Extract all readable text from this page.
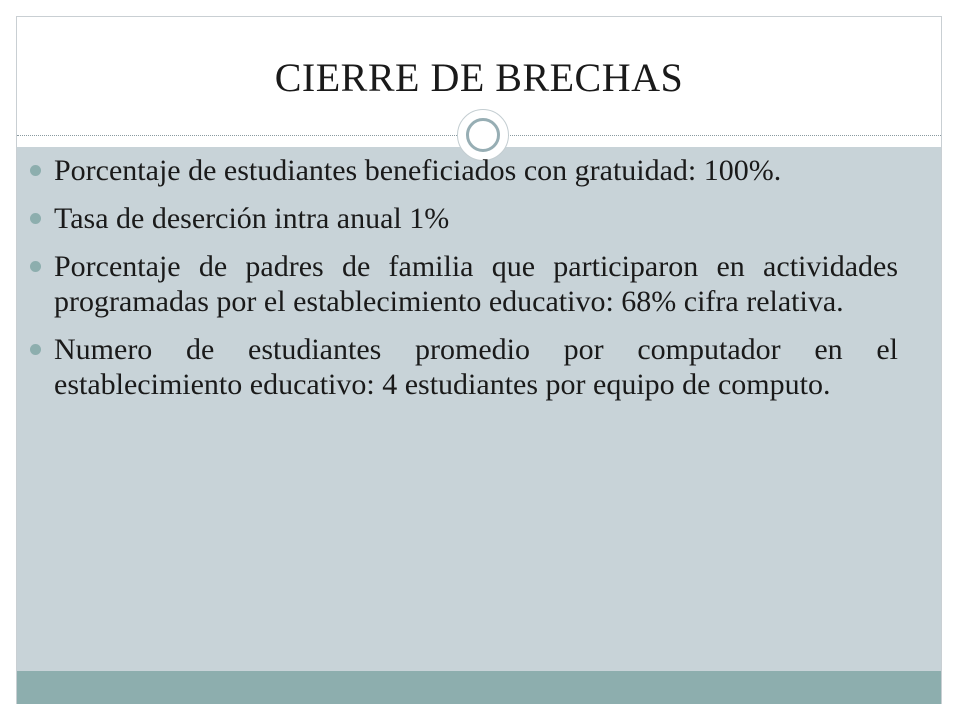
CIERRE DE BRECHAS
Porcentaje de estudiantes beneficiados con gratuidad: 100%.
Tasa de deserción intra anual 1%
Porcentaje de padres de familia que participaron en actividades programadas por el establecimiento educativo: 68% cifra relativa.
Numero de estudiantes promedio por computador en el establecimiento educativo: 4 estudiantes por equipo de computo.
